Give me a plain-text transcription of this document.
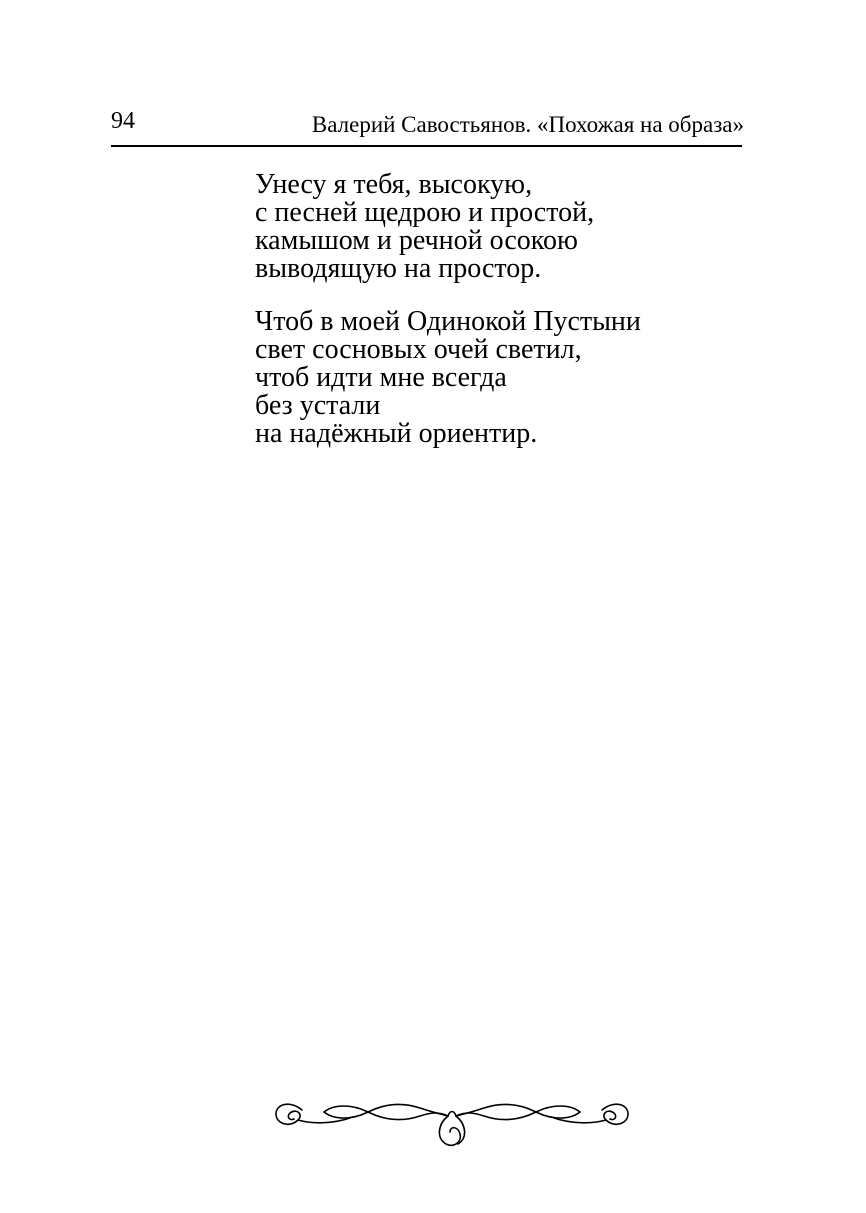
94	Валерий Савостьянов. «Похожая на образа»
Унесу я тебя, высокую,
с песней щедрою и простой,
камышом и речной осокою
выводящую на простор.
Чтоб в моей Одинокой Пустыни
свет сосновых очей светил,
чтоб идти мне всегда
без устали
на надёжный ориентир.
